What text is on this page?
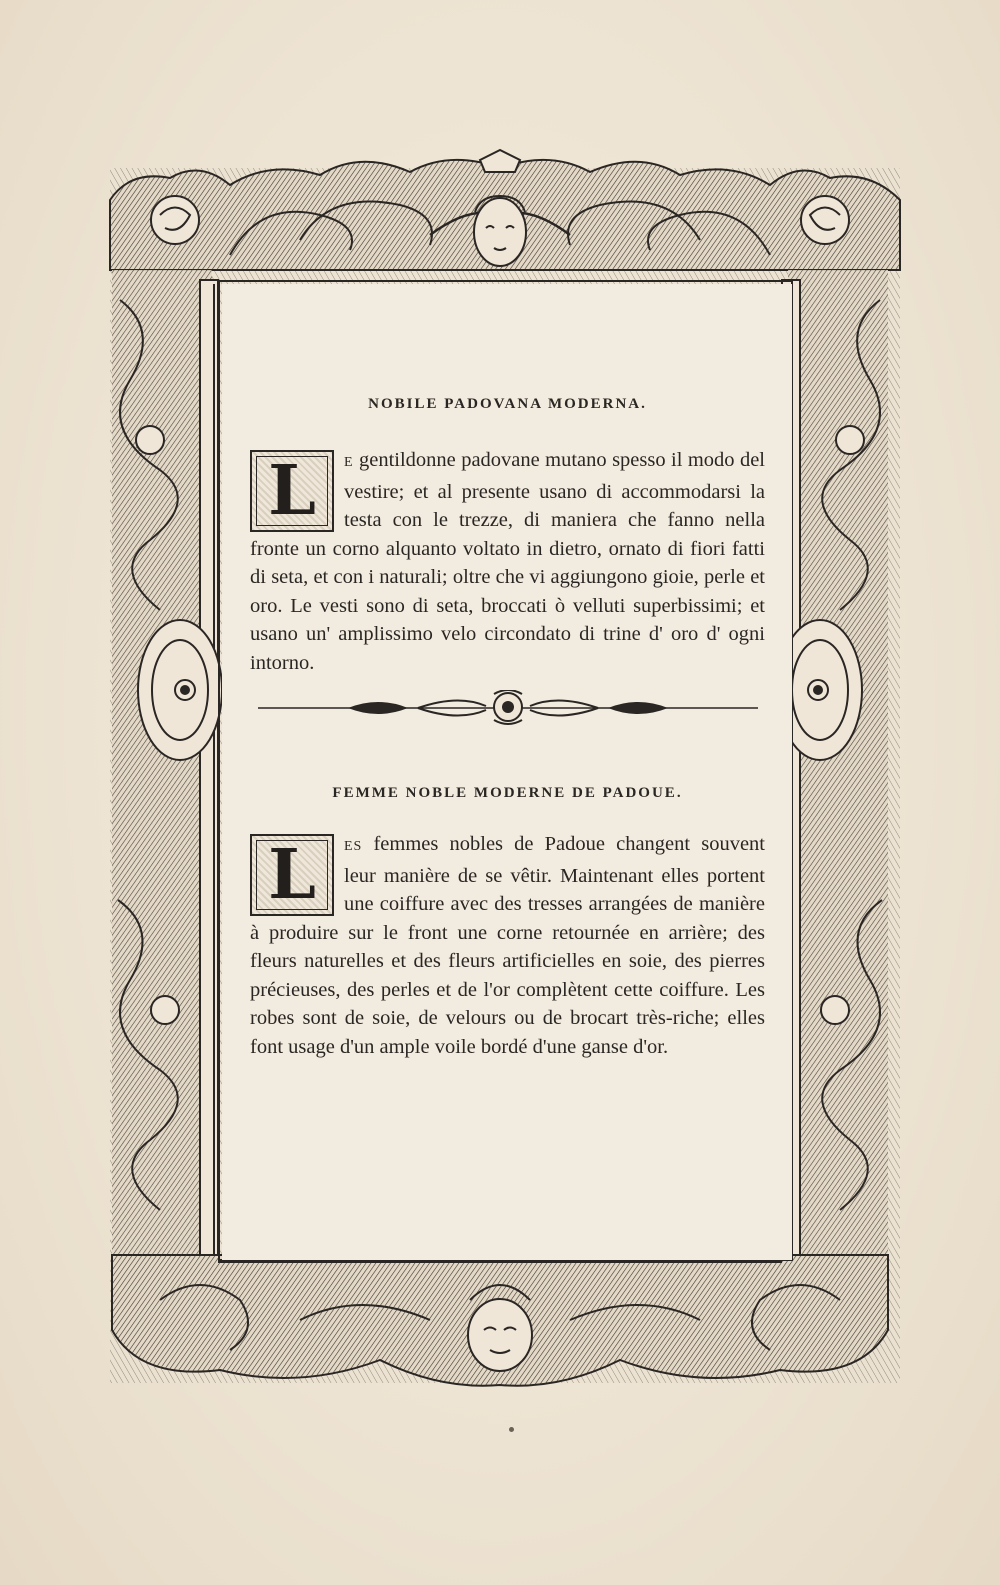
NOBILE PADOVANA MODERNA.
L	E gentildonne padovane mutano spesso il modo del vestire; et al presente usano di accommodarsi la testa con le trezze, di maniera che fanno nella fronte un corno alquanto voltato in dietro, ornato di fiori fatti di seta, et con i naturali; oltre che vi aggiungono gioie, perle et oro. Le vesti sono di seta, broccati ò velluti superbissimi; et usano un' amplissimo velo circondato di trine d' oro d' ogni intorno.
FEMME NOBLE MODERNE DE PADOUE.
L	ES femmes nobles de Padoue changent souvent leur manière de se vêtir. Maintenant elles portent une coiffure avec des tresses arrangées de manière à produire sur le front une corne retournée en arrière; des fleurs naturelles et des fleurs artificielles en soie, des pierres précieuses, des perles et de l'or complètent cette coiffure. Les robes sont de soie, de velours ou de brocart très-riche; elles font usage d'un ample voile bordé d'une ganse d'or.
